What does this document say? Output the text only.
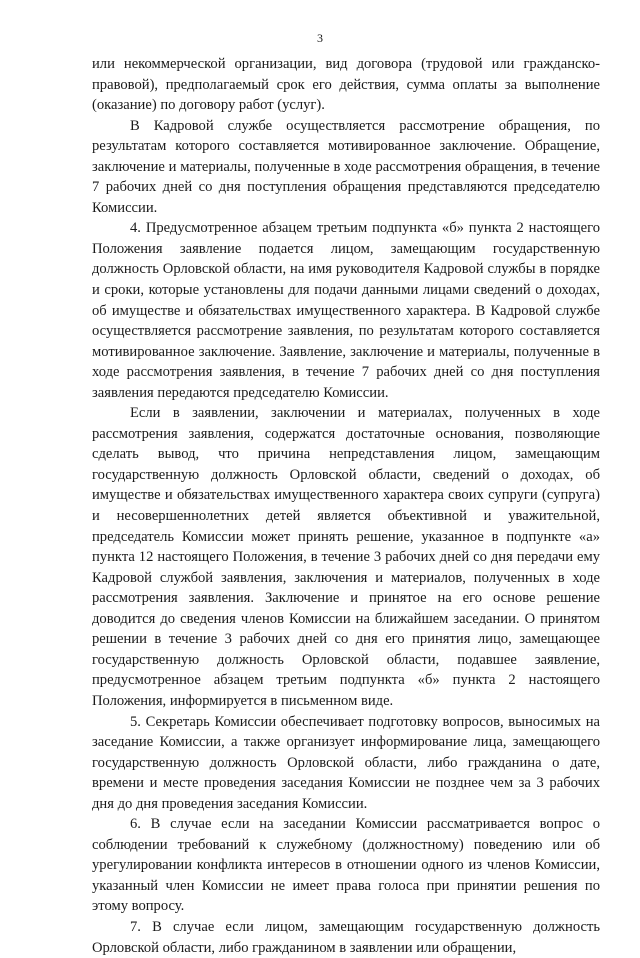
3

или некоммерческой организации, вид договора (трудовой или гражданско-правовой), предполагаемый срок его действия, сумма оплаты за выполнение (оказание) по договору работ (услуг).

В Кадровой службе осуществляется рассмотрение обращения, по результатам которого составляется мотивированное заключение. Обращение, заключение и материалы, полученные в ходе рассмотрения обращения, в течение 7 рабочих дней со дня поступления обращения представляются председателю Комиссии.

4. Предусмотренное абзацем третьим подпункта «б» пункта 2 настоящего Положения заявление подается лицом, замещающим государственную должность Орловской области, на имя руководителя Кадровой службы в порядке и сроки, которые установлены для подачи данными лицами сведений о доходах, об имуществе и обязательствах имущественного характера. В Кадровой службе осуществляется рассмотрение заявления, по результатам которого составляется мотивированное заключение. Заявление, заключение и материалы, полученные в ходе рассмотрения заявления, в течение 7 рабочих дней со дня поступления заявления передаются председателю Комиссии.

Если в заявлении, заключении и материалах, полученных в ходе рассмотрения заявления, содержатся достаточные основания, позволяющие сделать вывод, что причина непредставления лицом, замещающим государственную должность Орловской области, сведений о доходах, об имуществе и обязательствах имущественного характера своих супруги (супруга) и несовершеннолетних детей является объективной и уважительной, председатель Комиссии может принять решение, указанное в подпункте «а» пункта 12 настоящего Положения, в течение 3 рабочих дней со дня передачи ему Кадровой службой заявления, заключения и материалов, полученных в ходе рассмотрения заявления. Заключение и принятое на его основе решение доводится до сведения членов Комиссии на ближайшем заседании. О принятом решении в течение 3 рабочих дней со дня его принятия лицо, замещающее государственную должность Орловской области, подавшее заявление, предусмотренное абзацем третьим подпункта «б» пункта 2 настоящего Положения, информируется в письменном виде.

5. Секретарь Комиссии обеспечивает подготовку вопросов, выносимых на заседание Комиссии, а также организует информирование лица, замещающего государственную должность Орловской области, либо гражданина о дате, времени и месте проведения заседания Комиссии не позднее чем за 3 рабочих дня до дня проведения заседания Комиссии.

6. В случае если на заседании Комиссии рассматривается вопрос о соблюдении требований к служебному (должностному) поведению или об урегулировании конфликта интересов в отношении одного из членов Комиссии, указанный член Комиссии не имеет права голоса при принятии решения по этому вопросу.

7. В случае если лицом, замещающим государственную должность Орловской области, либо гражданином в заявлении или обращении,
